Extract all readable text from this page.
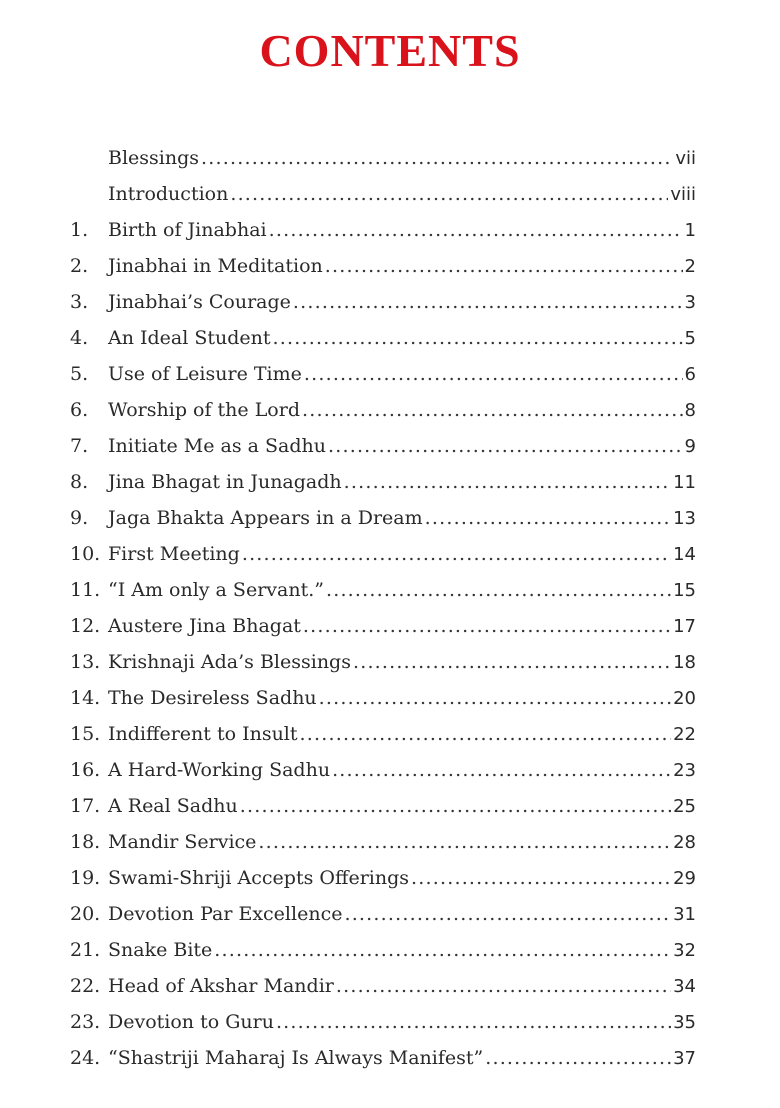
CONTENTS
Blessings .....	vii
Introduction .....	viii
1.	Birth of Jinabhai .....	1
2.	Jinabhai in Meditation .....	2
3.	Jinabhai’s Courage .....	3
4.	An Ideal Student .....	5
5.	Use of Leisure Time .....	6
6.	Worship of the Lord .....	8
7.	Initiate Me as a Sadhu .....	9
8.	Jina Bhagat in Junagadh .....	11
9.	Jaga Bhakta Appears in a Dream .....	13
10. First Meeting .....	14
11. “I Am only a Servant.” .....	15
12. Austere Jina Bhagat .....	17
13. Krishnaji Ada’s Blessings .....	18
14. The Desireless Sadhu .....	20
15. Indifferent to Insult .....	22
16. A Hard-Working Sadhu .....	23
17. A Real Sadhu .....	25
18. Mandir Service .....	28
19. Swami-Shriji Accepts Offerings .....	29
20. Devotion Par Excellence .....	31
21. Snake Bite .....	32
22. Head of Akshar Mandir .....	34
23. Devotion to Guru .....	35
24. “Shastriji Maharaj Is Always Manifest” .....	37
